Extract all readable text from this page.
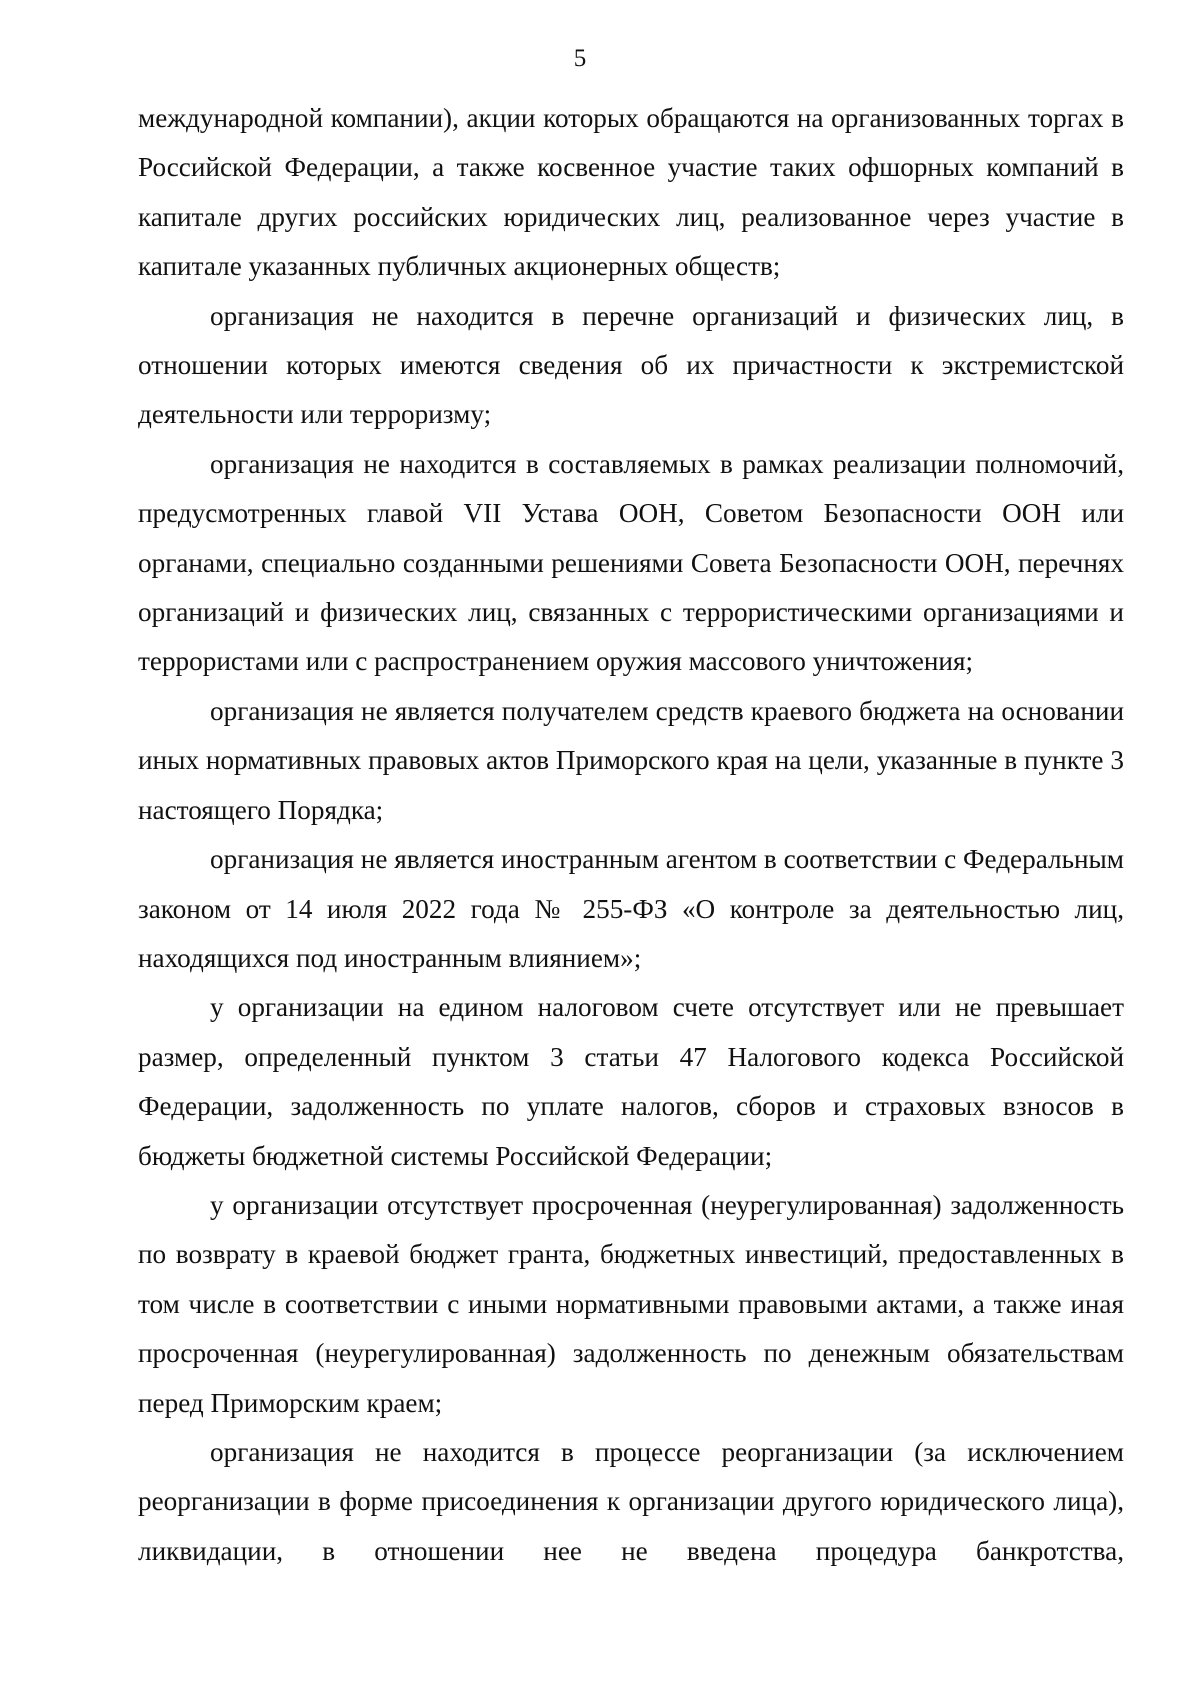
5

международной компании), акции которых обращаются на организованных торгах в Российской Федерации, а также косвенное участие таких офшорных компаний в капитале других российских юридических лиц, реализованное через участие в капитале указанных публичных акционерных обществ;

организация не находится в перечне организаций и физических лиц, в отношении которых имеются сведения об их причастности к экстремистской деятельности или терроризму;

организация не находится в составляемых в рамках реализации полномочий, предусмотренных главой VII Устава ООН, Советом Безопасности ООН или органами, специально созданными решениями Совета Безопасности ООН, перечнях организаций и физических лиц, связанных с террористическими организациями и террористами или с распространением оружия массового уничтожения;

организация не является получателем средств краевого бюджета на основании иных нормативных правовых актов Приморского края на цели, указанные в пункте 3 настоящего Порядка;

организация не является иностранным агентом в соответствии с Федеральным законом от 14 июля 2022 года № 255-ФЗ «О контроле за деятельностью лиц, находящихся под иностранным влиянием»;

у организации на едином налоговом счете отсутствует или не превышает размер, определенный пунктом 3 статьи 47 Налогового кодекса Российской Федерации, задолженность по уплате налогов, сборов и страховых взносов в бюджеты бюджетной системы Российской Федерации;

у организации отсутствует просроченная (неурегулированная) задолженность по возврату в краевой бюджет гранта, бюджетных инвестиций, предоставленных в том числе в соответствии с иными нормативными правовыми актами, а также иная просроченная (неурегулированная) задолженность по денежным обязательствам перед Приморским краем;

организация не находится в процессе реорганизации (за исключением реорганизации в форме присоединения к организации другого юридического лица), ликвидации, в отношении нее не введена процедура банкротства,
